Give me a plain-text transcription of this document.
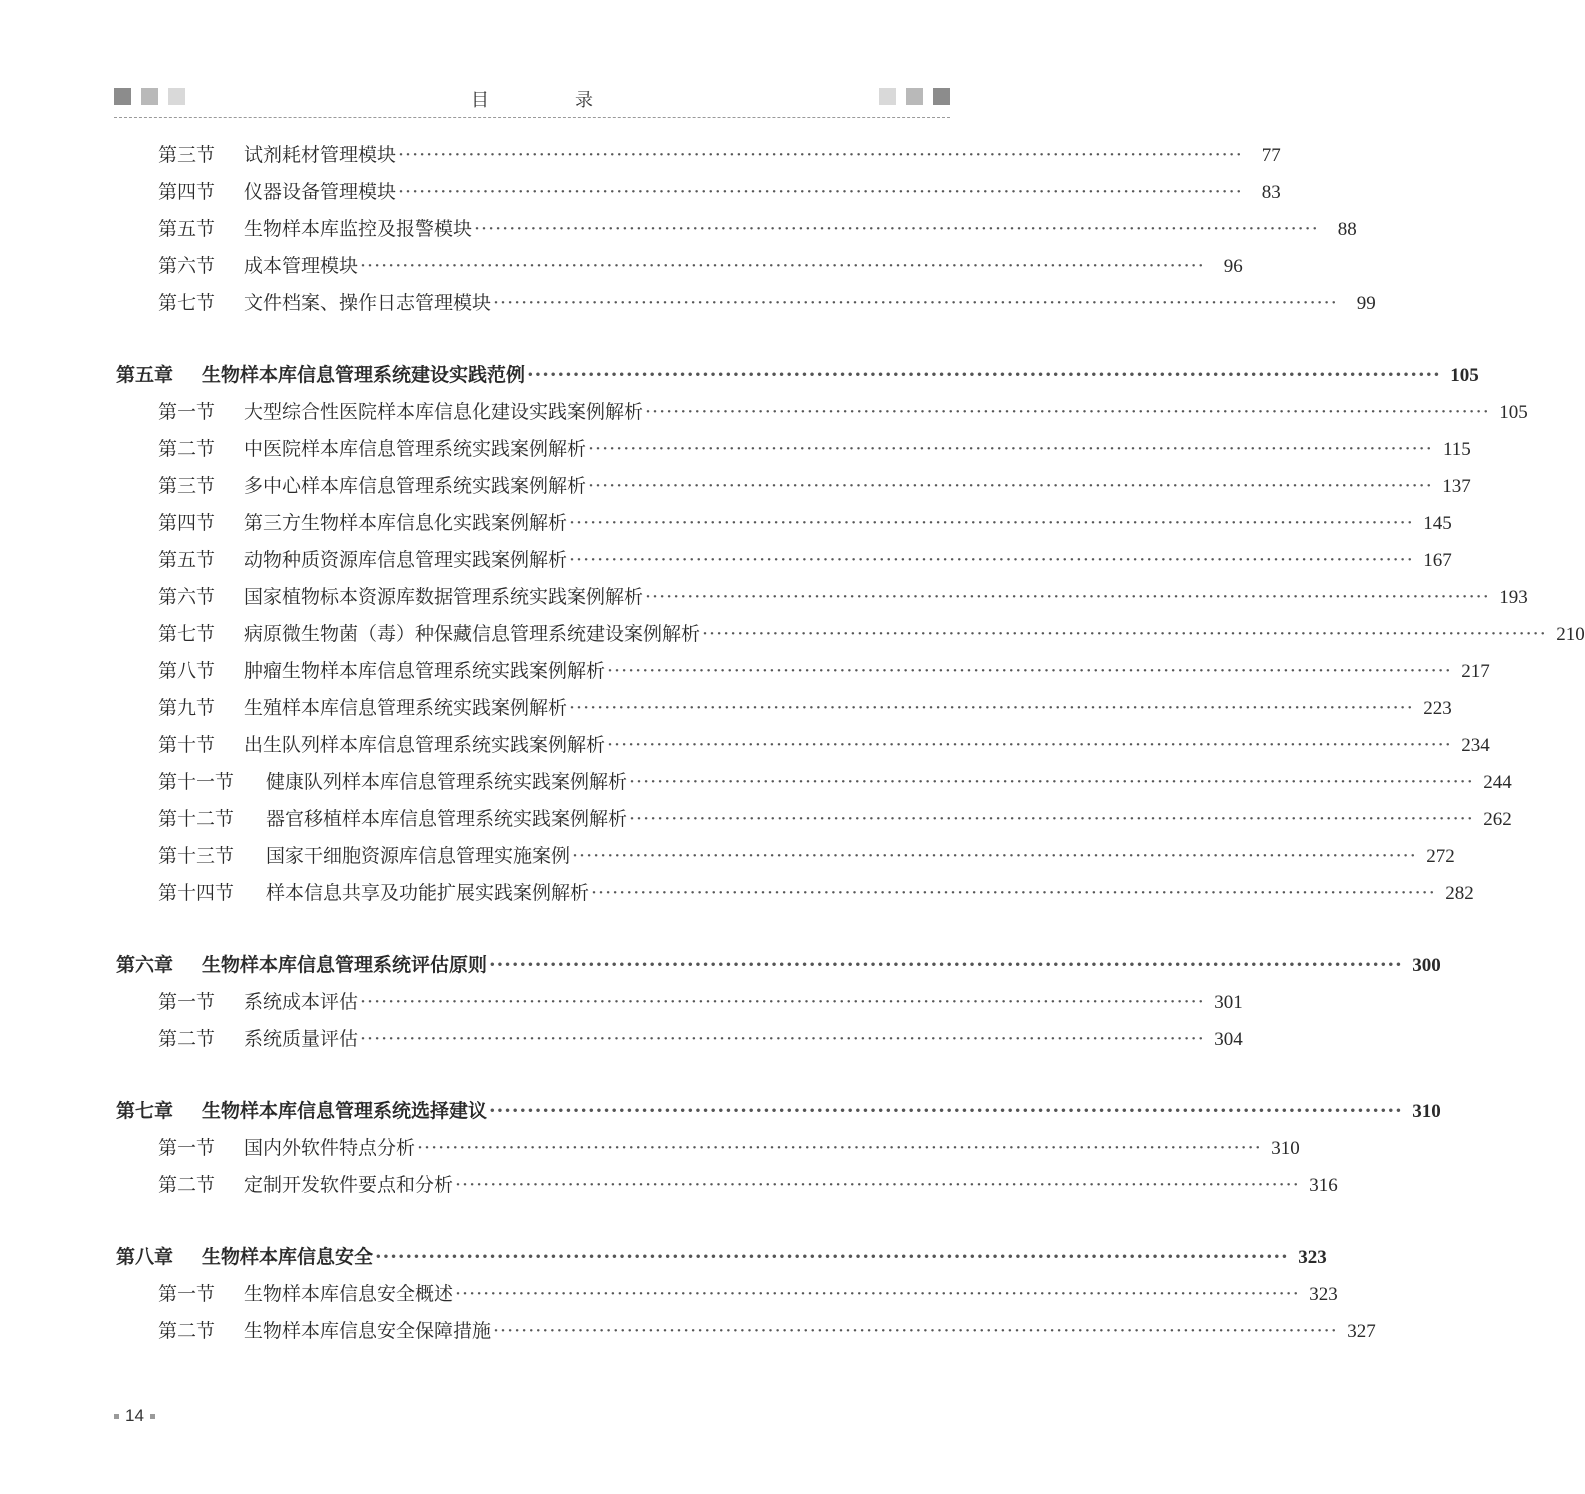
目　录
第三节	试剂耗材管理模块 ························································································································	77
第四节	仪器设备管理模块 ························································································································	83
第五节	生物样本库监控及报警模块 ························································································································	88
第六节	成本管理模块 ························································································································	96
第七节	文件档案、操作日志管理模块 ························································································································	99
第五章	生物样本库信息管理系统建设实践范例 ························································································································ 105
第一节	大型综合性医院样本库信息化建设实践案例解析 ························································································································ 105
第二节	中医院样本库信息管理系统实践案例解析 ························································································································ 115
第三节	多中心样本库信息管理系统实践案例解析 ························································································································ 137
第四节	第三方生物样本库信息化实践案例解析 ························································································································ 145
第五节	动物种质资源库信息管理实践案例解析 ························································································································ 167
第六节	国家植物标本资源库数据管理系统实践案例解析 ························································································································ 193
第七节	病原微生物菌（毒）种保藏信息管理系统建设案例解析 ························································································································ 210
第八节	肿瘤生物样本库信息管理系统实践案例解析 ························································································································ 217
第九节	生殖样本库信息管理系统实践案例解析 ························································································································ 223
第十节	出生队列样本库信息管理系统实践案例解析 ························································································································ 234
第十一节	健康队列样本库信息管理系统实践案例解析 ························································································································ 244
第十二节	器官移植样本库信息管理系统实践案例解析 ························································································································ 262
第十三节	国家干细胞资源库信息管理实施案例 ························································································································ 272
第十四节	样本信息共享及功能扩展实践案例解析 ························································································································ 282
第六章	生物样本库信息管理系统评估原则 ························································································································ 300
第一节	系统成本评估 ························································································································ 301
第二节	系统质量评估 ························································································································ 304
第七章	生物样本库信息管理系统选择建议 ························································································································ 310
第一节	国内外软件特点分析 ························································································································ 310
第二节	定制开发软件要点和分析 ························································································································ 316
第八章	生物样本库信息安全 ························································································································ 323
第一节	生物样本库信息安全概述 ························································································································ 323
第二节	生物样本库信息安全保障措施 ························································································································ 327
14
